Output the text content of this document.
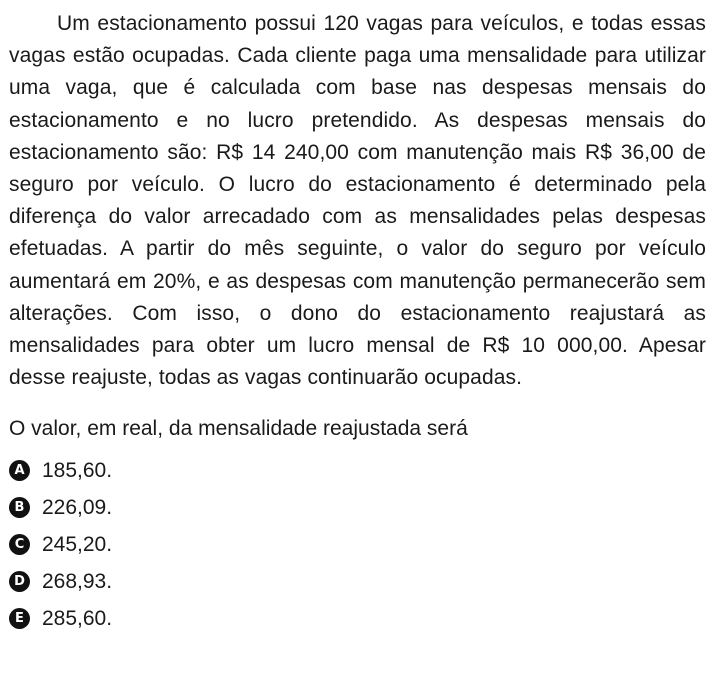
Um estacionamento possui 120 vagas para veículos, e todas essas vagas estão ocupadas. Cada cliente paga uma mensalidade para utilizar uma vaga, que é calculada com base nas despesas mensais do estacionamento e no lucro pretendido. As despesas mensais do estacionamento são: R$ 14 240,00 com manutenção mais R$ 36,00 de seguro por veículo. O lucro do estacionamento é determinado pela diferença do valor arrecadado com as mensalidades pelas despesas efetuadas. A partir do mês seguinte, o valor do seguro por veículo aumentará em 20%, e as despesas com manutenção permanecerão sem alterações. Com isso, o dono do estacionamento reajustará as mensalidades para obter um lucro mensal de R$ 10 000,00. Apesar desse reajuste, todas as vagas continuarão ocupadas.

O valor, em real, da mensalidade reajustada será
A 185,60.
B 226,09.
C 245,20.
D 268,93.
E 285,60.
